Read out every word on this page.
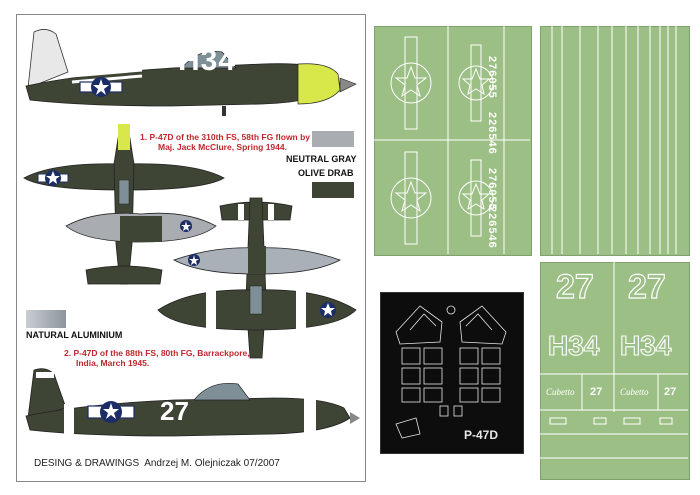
H34
1. P-47D of the 310th FS, 58th FG flown by
Maj. Jack McClure, Spring 1944.
NEUTRAL GRAY
OLIVE DRAB
NATURAL ALUMINIUM
2. P-47D of the 88th FS, 80th FG, Barrackpore,
India, March 1945.
27
DESING & DRAWINGS  Andrzej M. Olejniczak 07/2007
276055
226546
276055
226546
P-47D
27 27
H34 H34
Cubetto 27 Cubetto 27
